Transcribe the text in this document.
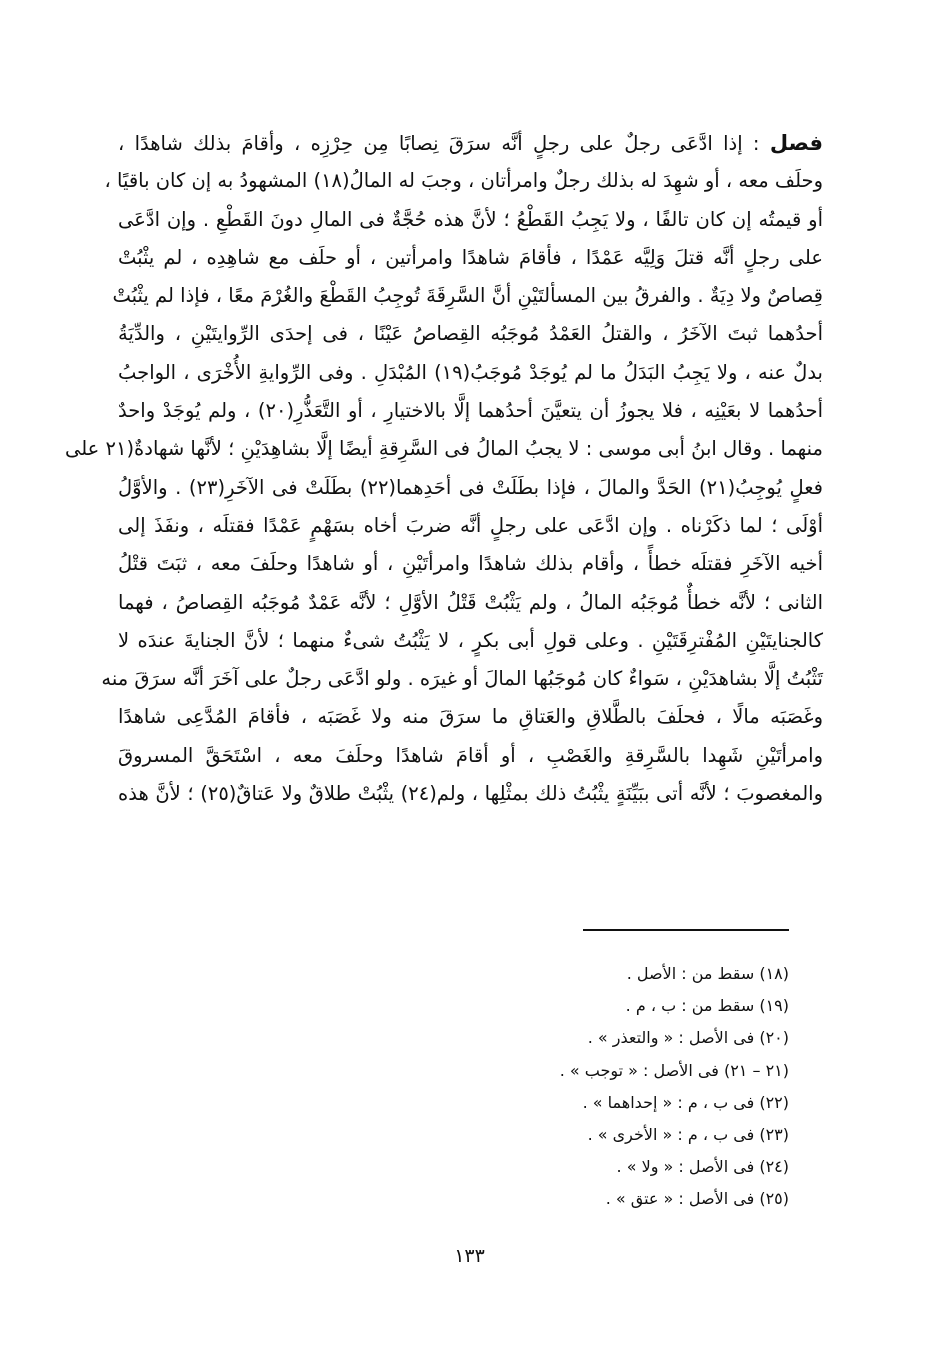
فصل : إذا ادَّعَى رجلٌ على رجلٍ أنَّه سرَقَ نِصابًا مِن حِرْزِه ، وأقامَ بذلك شاهدًا ،
وحلَف معه ، أو شهِدَ له بذلك رجلٌ وامرأتان ، وجبَ له المالُ(١٨) المشهودُ به إن كان باقيًا ،
أو قيمتُه إن كان تالفًا ، ولا يَجِبُ القَطْعُ ؛ لأنَّ هذه حُجَّةٌ فى المالِ دونَ القَطْعِ . وإن ادَّعَى
على رجلٍ أنَّه قتلَ وَلِيَّه عَمْدًا ، فأقامَ شاهدًا وامرأتين ، أو حلَف مع شاهِدِه ، لم يثْبُتْ
قِصاصٌ ولا دِيَةٌ . والفرقُ بين المسألتَيْنِ أنَّ السَّرِقَةَ تُوجِبُ القَطْعَ والغُرْمَ معًا ، فإذا لم يثْبُتْ
أحدُهما ثبتَ الآخَرُ ، والقتلُ العَمْدُ مُوجَبُه القِصاصُ عَيْنًا ، فى إحدَى الرِّوايتَيْنِ ، والدِّيَةُ
بدلٌ عنه ، ولا يَجِبُ البَدَلُ ما لم يُوجَدْ مُوجَبُ(١٩) المُبْدَلِ . وفى الرِّوايةِ الأُخْرَى ، الواجبُ
أحدُهما لا بعَيْنِه ، فلا يجوزُ أن يتعيَّنَ أحدُهما إلَّا بالاختيارِ ، أو التَّعَذُّرِ(٢٠) ، ولم يُوجَدْ واحدٌ
منهما . وقال ابنُ أبى موسى : لا يجبُ المالُ فى السَّرِقةِ أيضًا إلَّا بشاهِدَيْنِ ؛ لأنَّها شهادةٌ(٢١ على
فعلٍ يُوجِبُ(٢١) الحَدَّ والمالَ ، فإذا بطَلَتْ فى أحَدِهما(٢٢) بطَلَتْ فى الآخَرِ(٢٣) . والأوَّلُ
أوْلَى ؛ لما ذكَرْناه . وإن ادَّعَى على رجلٍ أنَّه ضربَ أخاه بسَهْمٍ عَمْدًا فقتلَه ، ونفَذَ إلى
أخيه الآخَرِ فقتلَه خطأً ، وأقام بذلك شاهدًا وامرأتَيْنِ ، أو شاهدًا وحلَفَ معه ، ثبَتَ قتْلُ
الثانى ؛ لأنَّه خطأٌ مُوجَبُه المالُ ، ولم يَثْبُتْ قَتْلُ الأوَّلِ ؛ لأنَّه عَمْدٌ مُوجَبُه القِصاصُ ، فهما
كالجنايتَيْنِ المُفْترِقَتَيْنِ . وعلى قولِ أبى بكرٍ ، لا يَثْبُتُ شىءٌ منهما ؛ لأنَّ الجنايةَ عندَه لا
تَثْبُتُ إلَّا بشاهدَيْنِ ، سَواءٌ كان مُوجَبُها المالَ أو غيرَه . ولو ادَّعَى رجلٌ على آخَرَ أنَّه سرَقَ منه
وغَصَبَه مالًا ، فحلَفَ بالطَّلاقِ والعَتاقِ ما سرَقَ منه ولا غَصَبَه ، فأقامَ المُدَّعِى شاهدًا
وامرأتَيْنِ شَهِدا بالسَّرِقةِ والغَصْبِ ، أو أقامَ شاهدًا وحلَفَ معه ، اسْتَحَقَّ المسروقَ
والمغصوبَ ؛ لأنَّه أتى ببَيِّنَةٍ يثْبُتُ ذلك بمثْلِها ، ولم(٢٤) يثْبُتْ طلاقٌ ولا عَتاقٌ(٢٥) ؛ لأنَّ هذه
(١٨) سقط من : الأصل .
(١٩) سقط من : ب ، م .
(٢٠) فى الأصل : « والتعذر » .
(٢١ – ٢١) فى الأصل : « توجب » .
(٢٢) فى ب ، م : « إحداهما » .
(٢٣) فى ب ، م : « الأخرى » .
(٢٤) فى الأصل : « ولا » .
(٢٥) فى الأصل : « عتق » .
١٣٣
